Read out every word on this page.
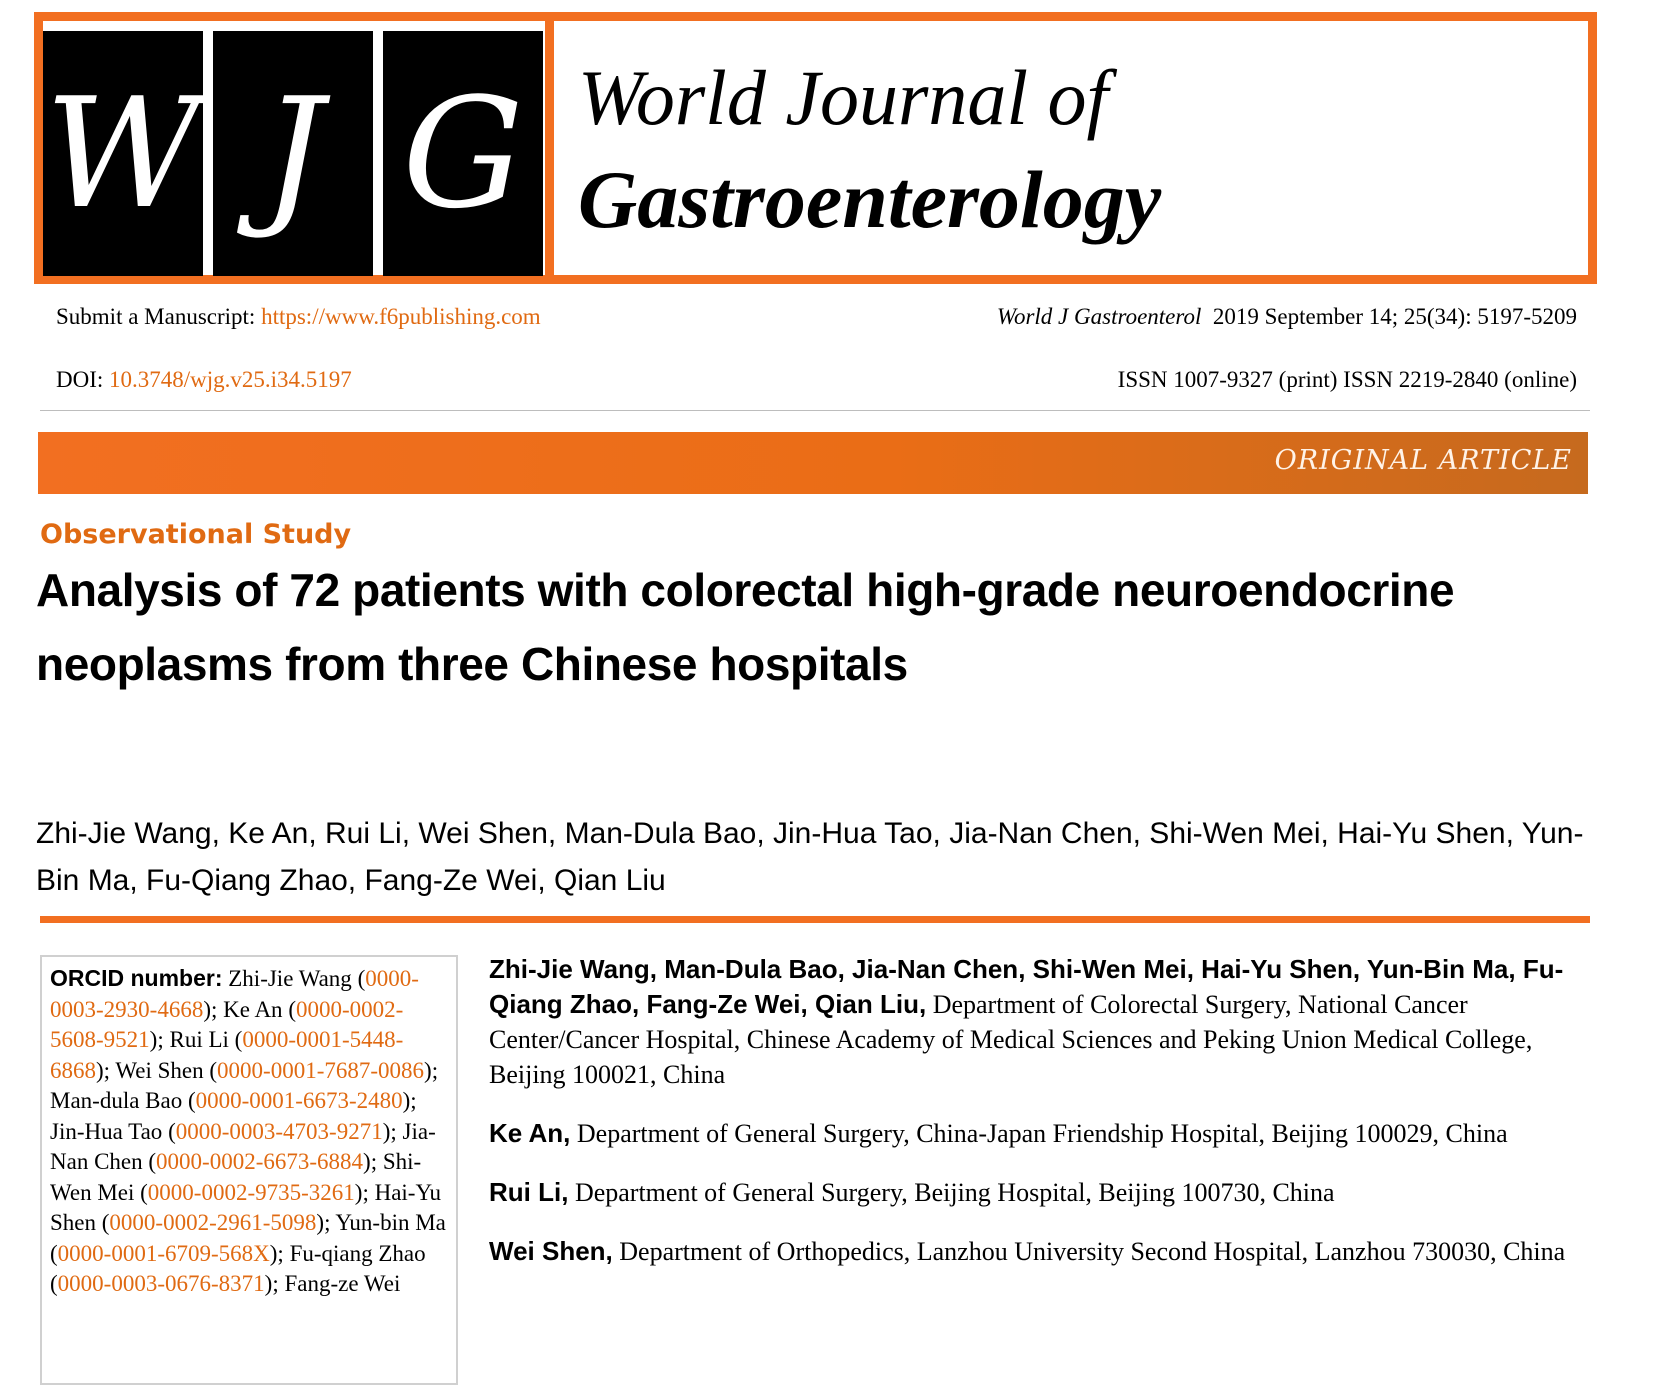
W J G World Journal of
Gastroenterology
Submit a Manuscript: https://www.f6publishing.com	World J Gastroenterol 2019 September 14; 25(34): 5197-5209
DOI: 10.3748/wjg.v25.i34.5197	ISSN 1007-9327 (print) ISSN 2219-2840 (online)
ORIGINAL ARTICLE
Observational Study
Analysis of 72 patients with colorectal high-grade neuroendocrine neoplasms from three Chinese hospitals
Zhi-Jie Wang, Ke An, Rui Li, Wei Shen, Man-Dula Bao, Jin-Hua Tao, Jia-Nan Chen, Shi-Wen Mei, Hai-Yu Shen, Yun-Bin Ma, Fu-Qiang Zhao, Fang-Ze Wei, Qian Liu
ORCID number: Zhi-Jie Wang (0000-0003-2930-4668); Ke An (0000-0002-5608-9521); Rui Li (0000-0001-5448-6868); Wei Shen (0000-0001-7687-0086); Man-dula Bao (0000-0001-6673-2480); Jin-Hua Tao (0000-0003-4703-9271); Jia-Nan Chen (0000-0002-6673-6884); Shi-Wen Mei (0000-0002-9735-3261); Hai-Yu Shen (0000-0002-2961-5098); Yun-bin Ma (0000-0001-6709-568X); Fu-qiang Zhao (0000-0003-0676-8371); Fang-ze Wei

Zhi-Jie Wang, Man-Dula Bao, Jia-Nan Chen, Shi-Wen Mei, Hai-Yu Shen, Yun-Bin Ma, Fu-Qiang Zhao, Fang-Ze Wei, Qian Liu, Department of Colorectal Surgery, National Cancer Center/Cancer Hospital, Chinese Academy of Medical Sciences and Peking Union Medical College, Beijing 100021, China

Ke An, Department of General Surgery, China-Japan Friendship Hospital, Beijing 100029, China

Rui Li, Department of General Surgery, Beijing Hospital, Beijing 100730, China

Wei Shen, Department of Orthopedics, Lanzhou University Second Hospital, Lanzhou 730030, China
